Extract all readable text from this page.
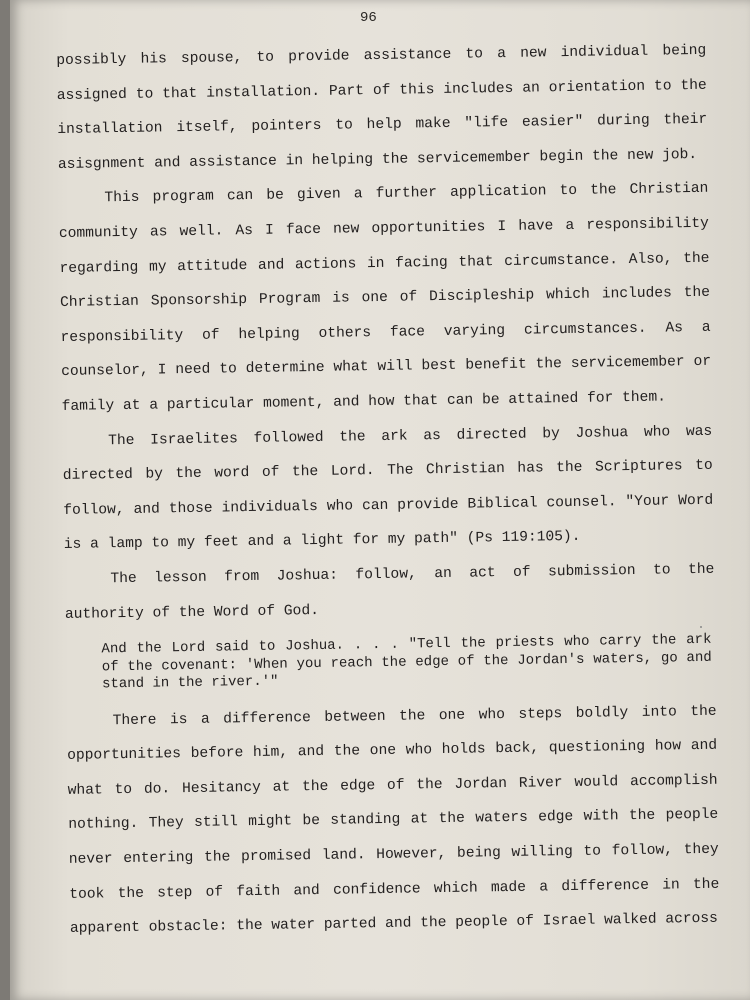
96

possibly his spouse, to provide assistance to a new individual being assigned to that installation. Part of this includes an orientation to the installation itself, pointers to help make "life easier" during their asisgnment and assistance in helping the servicemember begin the new job.

This program can be given a further application to the Christian community as well. As I face new opportunities I have a responsibility regarding my attitude and actions in facing that circumstance. Also, the Christian Sponsorship Program is one of Discipleship which includes the responsibility of helping others face varying circumstances. As a counselor, I need to determine what will best benefit the servicemember or family at a particular moment, and how that can be attained for them.

The Israelites followed the ark as directed by Joshua who was directed by the word of the Lord. The Christian has the Scriptures to follow, and those individuals who can provide Biblical counsel. "Your Word is a lamp to my feet and a light for my path" (Ps 119:105).

The lesson from Joshua: follow, an act of submission to the authority of the Word of God.

And the Lord said to Joshua. . . . "Tell the priests who carry the ark of the covenant: 'When you reach the edge of the Jordan's waters, go and stand in the river.'"

There is a difference between the one who steps boldly into the opportunities before him, and the one who holds back, questioning how and what to do. Hesitancy at the edge of the Jordan River would accomplish nothing. They still might be standing at the waters edge with the people never entering the promised land. However, being willing to follow, they took the step of faith and confidence which made a difference in the apparent obstacle: the water parted and the people of Israel walked across
